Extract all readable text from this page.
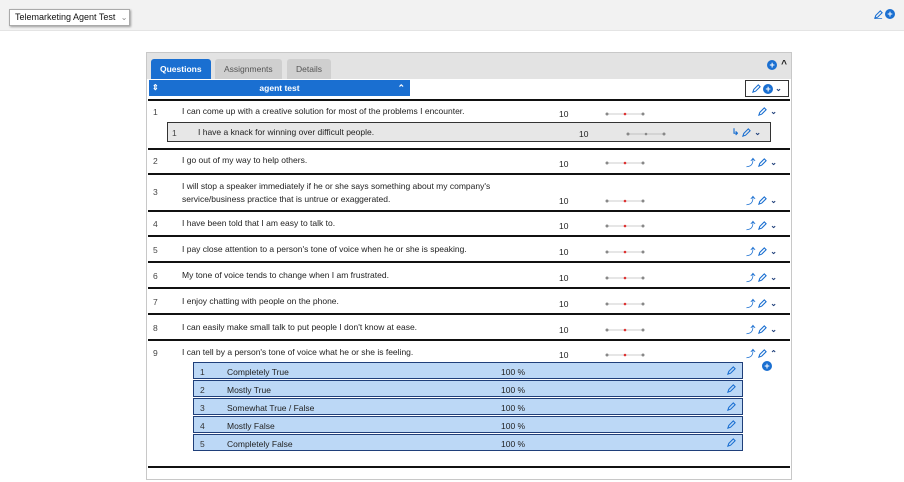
Telemarketing Agent Test ⌄	+
Questions	Assignments	Details	+ ^
⇕	agent test	⌃	+ ⌄
1	I can come up with a creative solution for most of the problems I encounter.	10	⌄
1	I have a knack for winning over difficult people.	10	↳ ⌄
2	I go out of my way to help others.	10	⤴ ⌄
3
I will stop a speaker immediately if he or she says something about my company's
service/business practice that is untrue or exaggerated.	10	⤴ ⌄
4	I have been told that I am easy to talk to.	10	⤴ ⌄
5	I pay close attention to a person's tone of voice when he or she is speaking.	10	⤴ ⌄
6	My tone of voice tends to change when I am frustrated.	10	⤴ ⌄
7	I enjoy chatting with people on the phone.	10	⤴ ⌄
8	I can easily make small talk to put people I don't know at ease.	10	⤴ ⌄
9	I can tell by a person's tone of voice what he or she is feeling.	10	⤴ ⌃
+
1	Completely True	100 %
2	Mostly True	100 %
3	Somewhat True / False	100 %
4	Mostly False	100 %
5	Completely False	100 %
